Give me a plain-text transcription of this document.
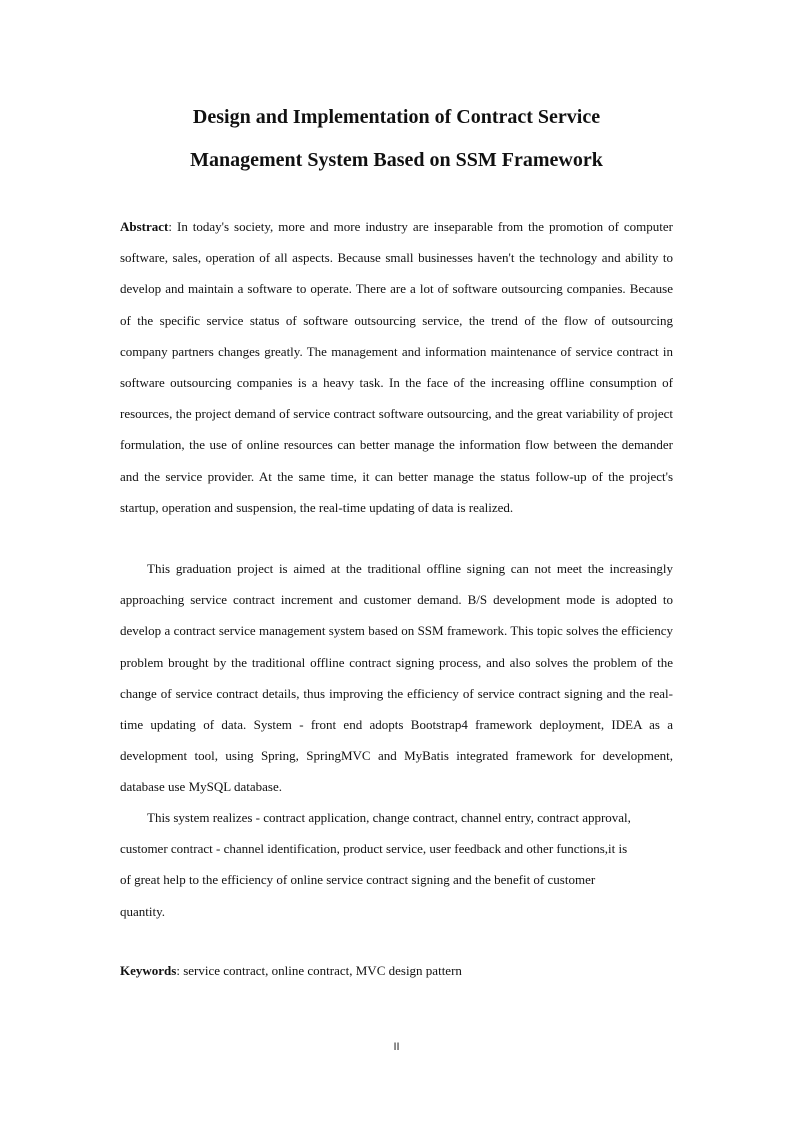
Design and Implementation of Contract Service
Management System Based on SSM Framework

Abstract: In today's society, more and more industry are inseparable from the promotion of computer software, sales, operation of all aspects. Because small businesses haven't the technology and ability to develop and maintain a software to operate. There are a lot of software outsourcing companies. Because of the specific service status of software outsourcing service, the trend of the flow of outsourcing company partners changes greatly. The management and information maintenance of service contract in software outsourcing companies is a heavy task. In the face of the increasing offline consumption of resources, the project demand of service contract software outsourcing, and the great variability of project formulation, the use of online resources can better manage the information flow between the demander and the service provider. At the same time, it can better manage the status follow-up of the project's startup, operation and suspension, the real-time updating of data is realized.

This graduation project is aimed at the traditional offline signing can not meet the increasingly approaching service contract increment and customer demand. B/S development mode is adopted to develop a contract service management system based on SSM framework. This topic solves the efficiency problem brought by the traditional offline contract signing process, and also solves the problem of the change of service contract details, thus improving the efficiency of service contract signing and the real-time updating of data. System - front end adopts Bootstrap4 framework deployment, IDEA as a development tool, using Spring, SpringMVC and MyBatis integrated framework for development, database use MySQL database.

This system realizes - contract application, change contract, channel entry, contract approval, customer contract - channel identification, product service, user feedback and other functions,it is of great help to the efficiency of online service contract signing and the benefit of customer quantity.

Keywords: service contract, online contract, MVC design pattern

II
